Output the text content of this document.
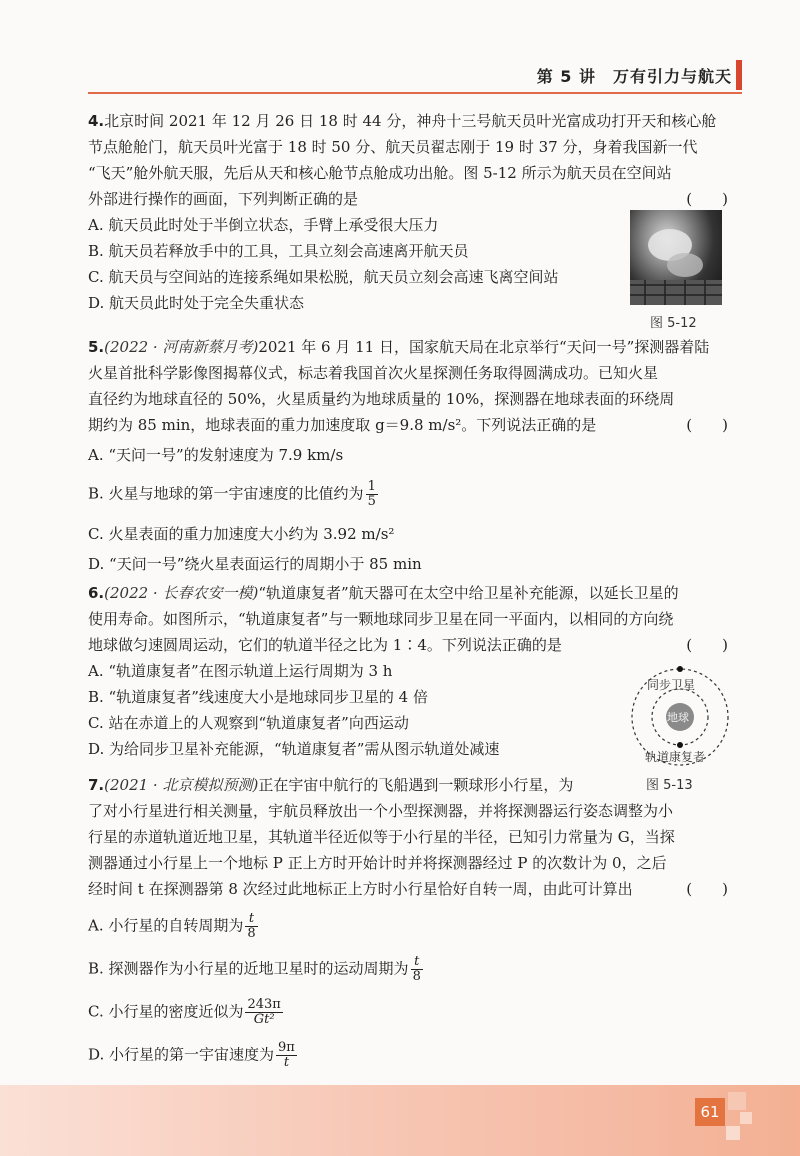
第 5 讲　万有引力与航天
4.北京时间 2021 年 12 月 26 日 18 时 44 分，神舟十三号航天员叶光富成功打开天和核心舱
节点舱舱门，航天员叶光富于 18 时 50 分、航天员翟志刚于 19 时 37 分，身着我国新一代
“飞天”舱外航天服，先后从天和核心舱节点舱成功出舱。图 5-12 所示为航天员在空间站
外部进行操作的画面，下列判断正确的是	(　　)
A. 航天员此时处于半倒立状态，手臂上承受很大压力
B. 航天员若释放手中的工具，工具立刻会高速离开航天员
C. 航天员与空间站的连接系绳如果松脱，航天员立刻会高速飞离空间站
D. 航天员此时处于完全失重状态
图 5-12
5.(2022 · 河南新蔡月考)2021 年 6 月 11 日，国家航天局在北京举行“天问一号”探测器着陆
火星首批科学影像图揭幕仪式，标志着我国首次火星探测任务取得圆满成功。已知火星
直径约为地球直径的 50%，火星质量约为地球质量的 10%，探测器在地球表面的环绕周
期约为 85 min，地球表面的重力加速度取 g＝9.8 m/s²。下列说法正确的是	(　　)
A. “天问一号”的发射速度为 7.9 km/s
B. 火星与地球的第一宇宙速度的比值约为 $\frac{1}{5}$
C. 火星表面的重力加速度大小约为 3.92 m/s²
D. “天问一号”绕火星表面运行的周期小于 85 min
6.(2022 · 长春农安一模)“轨道康复者”航天器可在太空中给卫星补充能源，以延长卫星的
使用寿命。如图所示，“轨道康复者”与一颗地球同步卫星在同一平面内，以相同的方向绕
地球做匀速圆周运动，它们的轨道半径之比为 1∶4。下列说法正确的是	(　　)
A. “轨道康复者”在图示轨道上运行周期为 3 h
B. “轨道康复者”线速度大小是地球同步卫星的 4 倍
C. 站在赤道上的人观察到“轨道康复者”向西运动
D. 为给同步卫星补充能源，“轨道康复者”需从图示轨道处减速
同步卫星
地球
轨道康复者
图 5-13
7.(2021 · 北京模拟预测)正在宇宙中航行的飞船遇到一颗球形小行星，为
了对小行星进行相关测量，宇航员释放出一个小型探测器，并将探测器运行姿态调整为小
行星的赤道轨道近地卫星，其轨道半径近似等于小行星的半径，已知引力常量为 G，当探
测器通过小行星上一个地标 P 正上方时开始计时并将探测器经过 P 的次数计为 0，之后
经时间 t 在探测器第 8 次经过此地标正上方时小行星恰好自转一周，由此可计算出	(　　)
A. 小行星的自转周期为 $\frac{t}{8}$
B. 探测器作为小行星的近地卫星时的运动周期为 $\frac{t}{8}$
C. 小行星的密度近似为 $\frac{243\pi}{\text{Gt²}}$
D. 小行星的第一宇宙速度为 $\frac{9\pi}{t}$
61
